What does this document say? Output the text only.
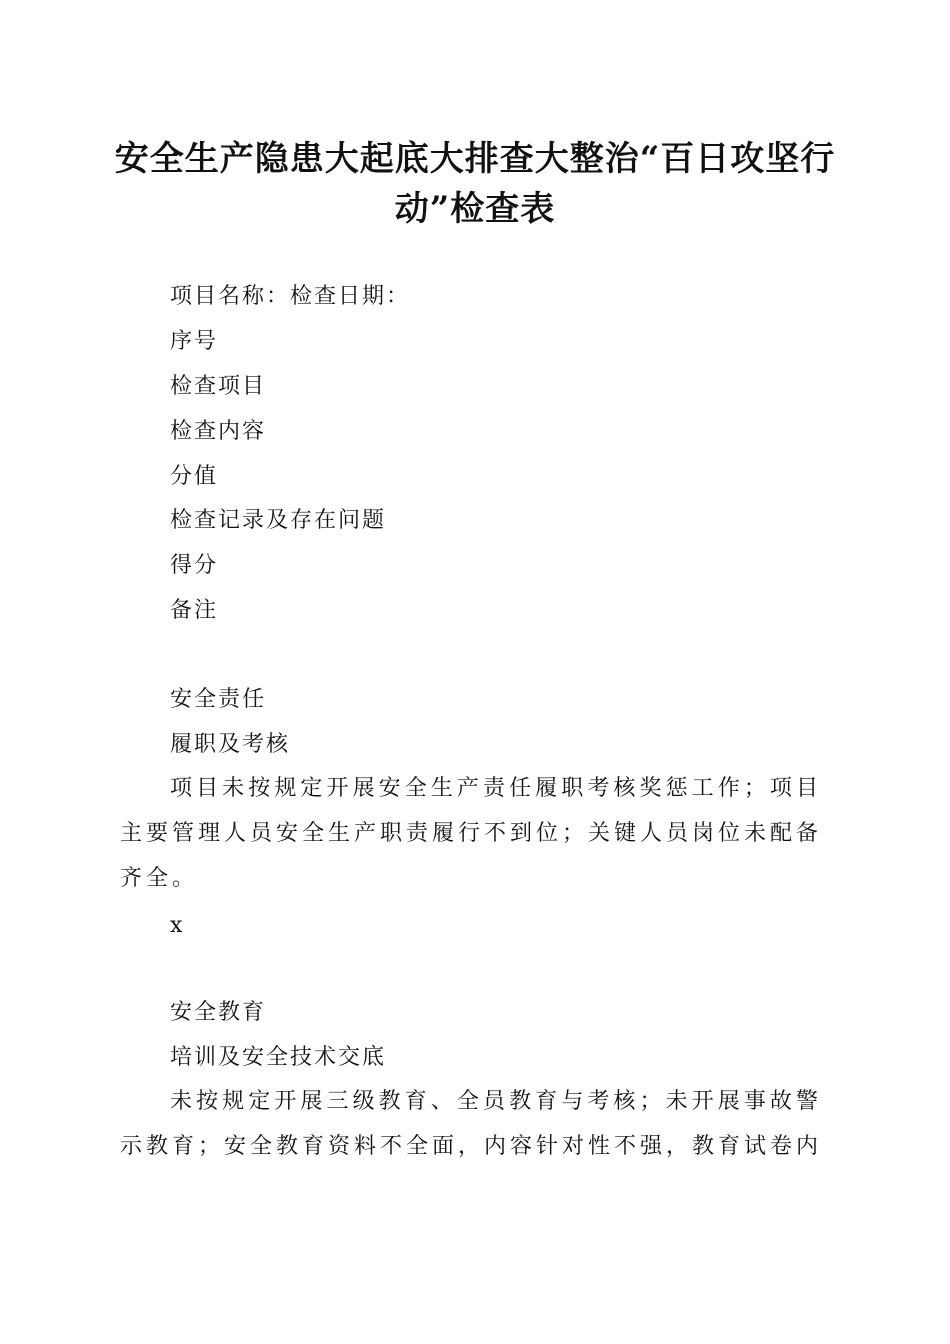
安全生产隐患大起底大排查大整治“百日攻坚行动”检查表

项目名称：检查日期：

序号

检查项目

检查内容

分值

检查记录及存在问题

得分

备注

安全责任

履职及考核

项目未按规定开展安全生产责任履职考核奖惩工作；项目主要管理人员安全生产职责履行不到位；关键人员岗位未配备齐全。

x

安全教育

培训及安全技术交底

未按规定开展三级教育、全员教育与考核；未开展事故警示教育；安全教育资料不全面，内容针对性不强，教育试卷内
